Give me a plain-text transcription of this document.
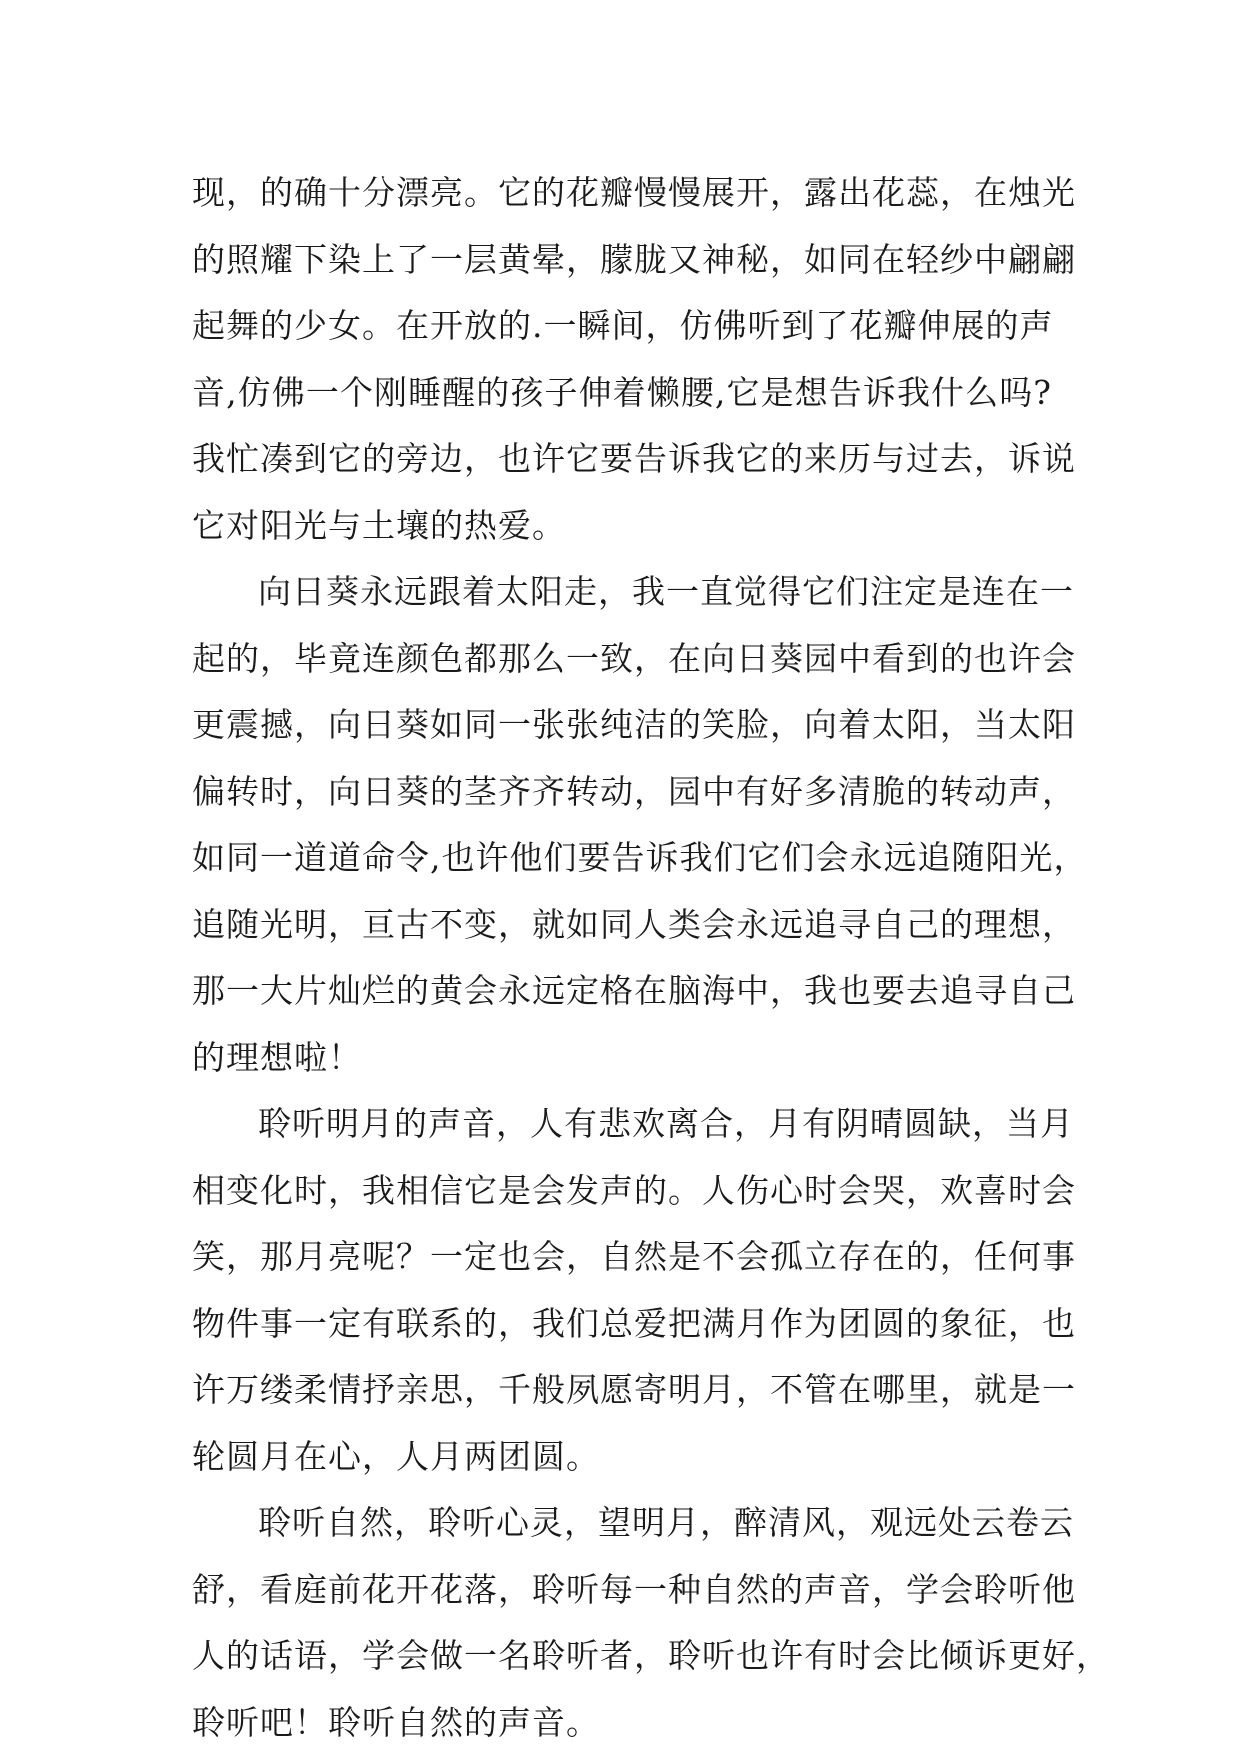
现，的确十分漂亮。它的花瓣慢慢展开，露出花蕊，在烛光
的照耀下染上了一层黄晕，朦胧又神秘，如同在轻纱中翩翩
起舞的少女。在开放的.一瞬间，仿佛听到了花瓣伸展的声
音,仿佛一个刚睡醒的孩子伸着懒腰,它是想告诉我什么吗?
我忙凑到它的旁边，也许它要告诉我它的来历与过去，诉说
它对阳光与土壤的热爱。
向日葵永远跟着太阳走，我一直觉得它们注定是连在一
起的，毕竟连颜色都那么一致，在向日葵园中看到的也许会
更震撼，向日葵如同一张张纯洁的笑脸，向着太阳，当太阳
偏转时，向日葵的茎齐齐转动，园中有好多清脆的转动声，
如同一道道命令,也许他们要告诉我们它们会永远追随阳光，
追随光明，亘古不变，就如同人类会永远追寻自己的理想，
那一大片灿烂的黄会永远定格在脑海中，我也要去追寻自己
的理想啦！
聆听明月的声音，人有悲欢离合，月有阴晴圆缺，当月
相变化时，我相信它是会发声的。人伤心时会哭，欢喜时会
笑，那月亮呢？一定也会，自然是不会孤立存在的，任何事
物件事一定有联系的，我们总爱把满月作为团圆的象征，也
许万缕柔情抒亲思，千般夙愿寄明月，不管在哪里，就是一
轮圆月在心，人月两团圆。
聆听自然，聆听心灵，望明月，醉清风，观远处云卷云
舒，看庭前花开花落，聆听每一种自然的声音，学会聆听他
人的话语，学会做一名聆听者，聆听也许有时会比倾诉更好，
聆听吧！聆听自然的声音。
